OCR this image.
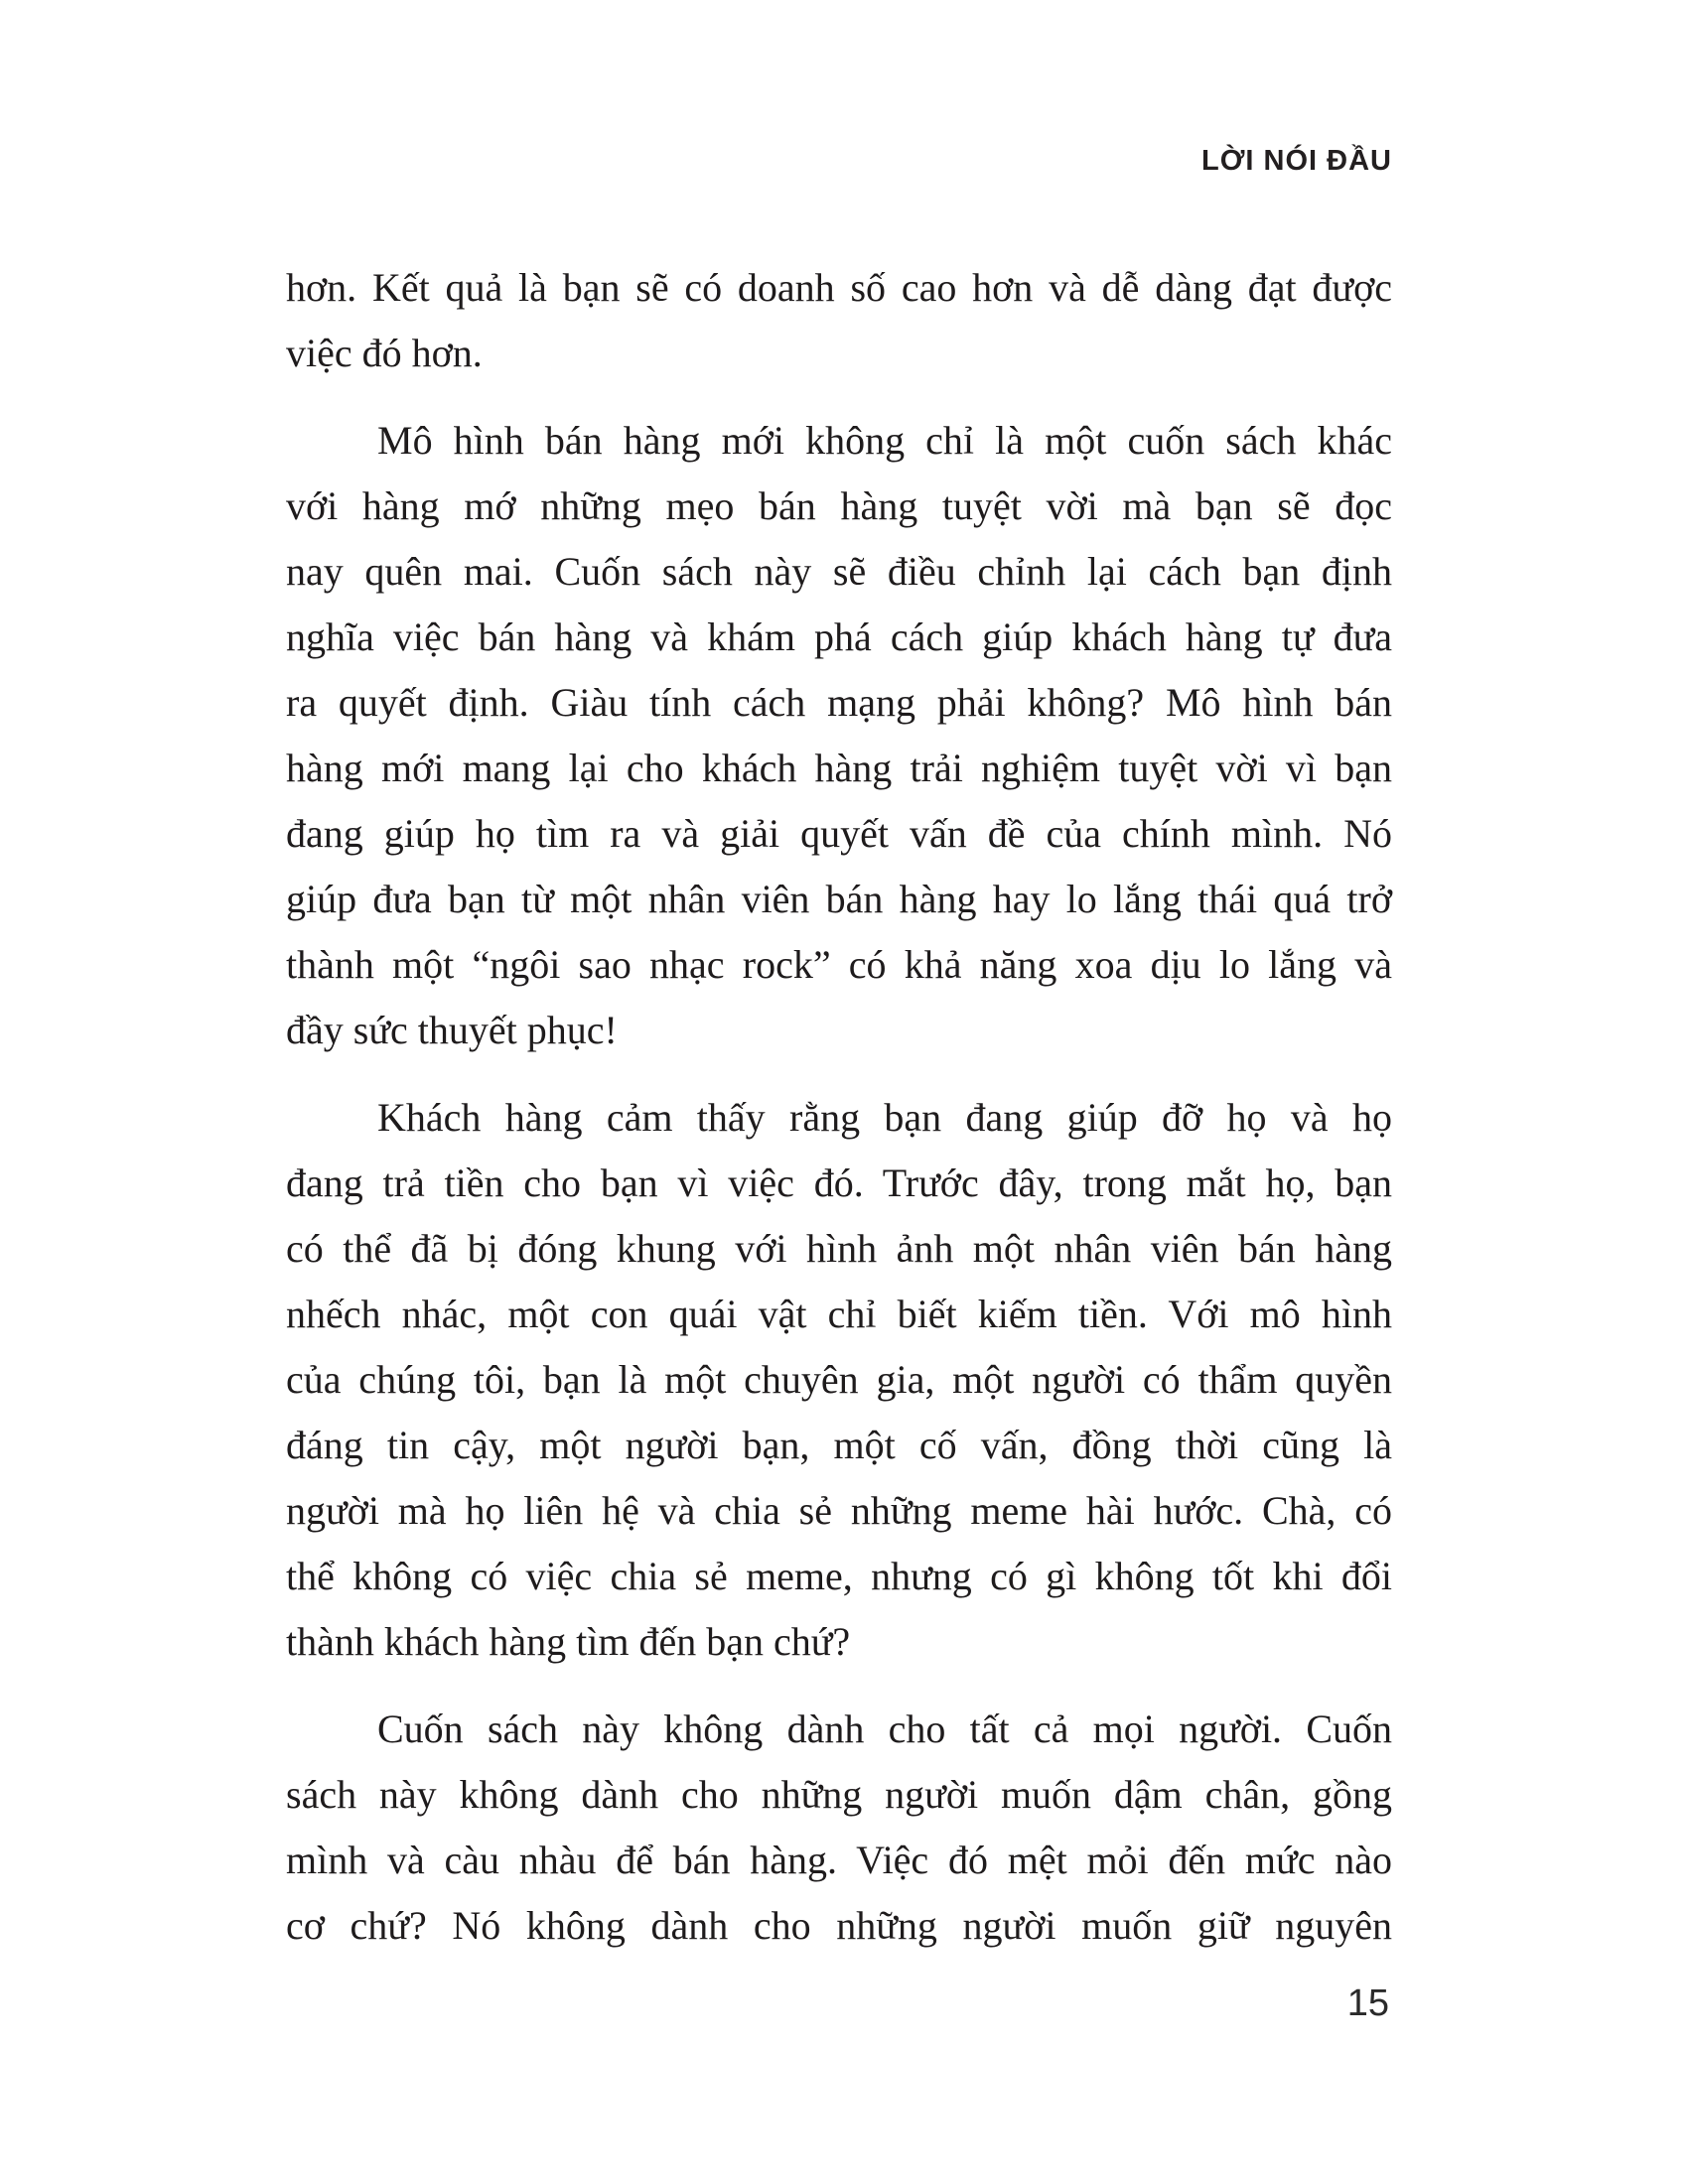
LỜI NÓI ĐẦU
hơn. Kết quả là bạn sẽ có doanh số cao hơn và dễ dàng đạt được
việc đó hơn.
Mô hình bán hàng mới không chỉ là một cuốn sách khác
với hàng mớ những mẹo bán hàng tuyệt vời mà bạn sẽ đọc
nay quên mai. Cuốn sách này sẽ điều chỉnh lại cách bạn định
nghĩa việc bán hàng và khám phá cách giúp khách hàng tự đưa
ra quyết định. Giàu tính cách mạng phải không? Mô hình bán
hàng mới mang lại cho khách hàng trải nghiệm tuyệt vời vì bạn
đang giúp họ tìm ra và giải quyết vấn đề của chính mình. Nó
giúp đưa bạn từ một nhân viên bán hàng hay lo lắng thái quá trở
thành một “ngôi sao nhạc rock” có khả năng xoa dịu lo lắng và
đầy sức thuyết phục!
Khách hàng cảm thấy rằng bạn đang giúp đỡ họ và họ
đang trả tiền cho bạn vì việc đó. Trước đây, trong mắt họ, bạn
có thể đã bị đóng khung với hình ảnh một nhân viên bán hàng
nhếch nhác, một con quái vật chỉ biết kiếm tiền. Với mô hình
của chúng tôi, bạn là một chuyên gia, một người có thẩm quyền
đáng tin cậy, một người bạn, một cố vấn, đồng thời cũng là
người mà họ liên hệ và chia sẻ những meme hài hước. Chà, có
thể không có việc chia sẻ meme, nhưng có gì không tốt khi đổi
thành khách hàng tìm đến bạn chứ?
Cuốn sách này không dành cho tất cả mọi người. Cuốn
sách này không dành cho những người muốn dậm chân, gồng
mình và càu nhàu để bán hàng. Việc đó mệt mỏi đến mức nào
cơ chứ? Nó không dành cho những người muốn giữ nguyên
15
